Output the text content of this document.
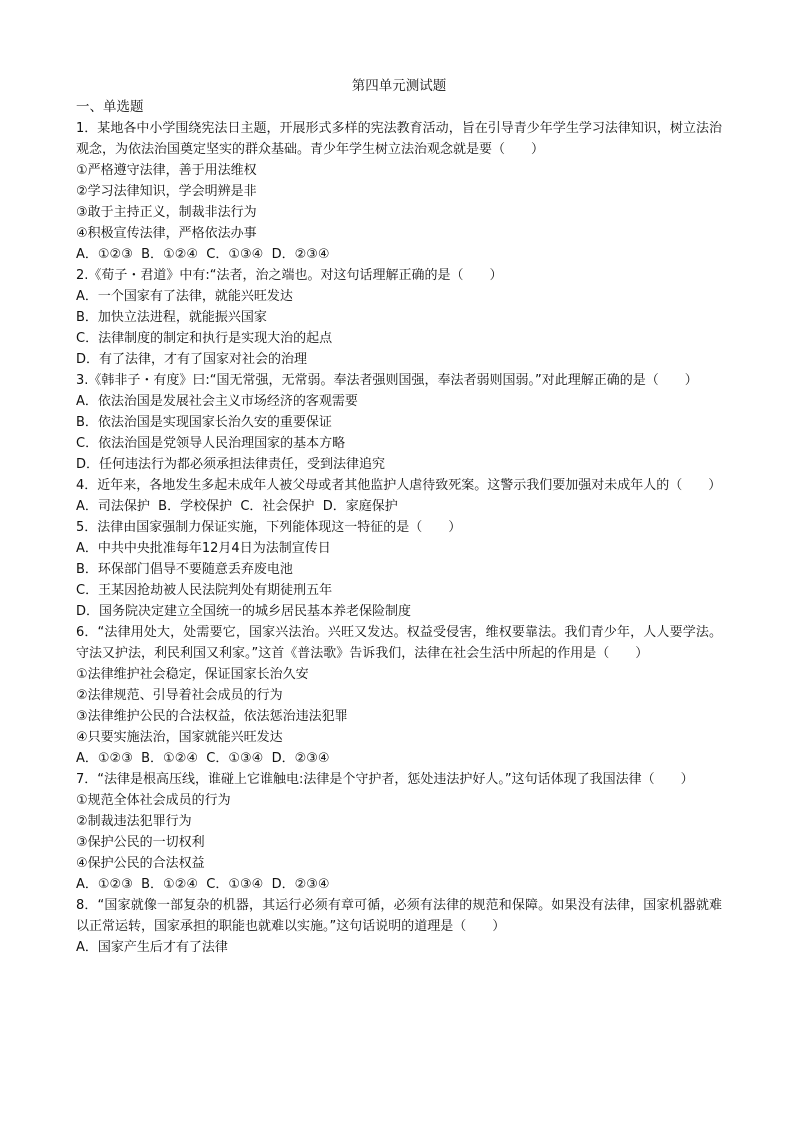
第四单元测试题
一、单选题
1．某地各中小学围绕宪法日主题，开展形式多样的宪法教育活动，旨在引导青少年学生学习法律知识，树立法治观念，为依法治国奠定坚实的群众基础。青少年学生树立法治观念就是要（　　）
①严格遵守法律，善于用法维权
②学习法律知识，学会明辨是非
③敢于主持正义，制裁非法行为
④积极宣传法律，严格依法办事
A．①②③ B．①②④ C．①③④ D．②③④
2.《荀子・君道》中有:“法者，治之端也。对这句话理解正确的是（　　）
A．一个国家有了法律，就能兴旺发达
B．加快立法进程，就能振兴国家
C．法律制度的制定和执行是实现大治的起点
D．有了法律，才有了国家对社会的治理
3.《韩非子・有度》曰:“国无常强，无常弱。奉法者强则国强，奉法者弱则国弱。”对此理解正确的是（　　）
A．依法治国是发展社会主义市场经济的客观需要
B．依法治国是实现国家长治久安的重要保证
C．依法治国是党领导人民治理国家的基本方略
D．任何违法行为都必须承担法律责任，受到法律追究
4．近年来，各地发生多起未成年人被父母或者其他监护人虐待致死案。这警示我们要加强对未成年人的（　　）
A．司法保护 B．学校保护 C．社会保护 D．家庭保护
5．法律由国家强制力保证实施，下列能体现这一特征的是（　　）
A．中共中央批准每年12月4日为法制宣传日
B．环保部门倡导不要随意丢弃废电池
C．王某因抢劫被人民法院判处有期徒刑五年
D．国务院决定建立全国统一的城乡居民基本养老保险制度
6．“法律用处大，处需要它，国家兴法治。兴旺又发达。权益受侵害，维权要靠法。我们青少年，人人要学法。守法又护法，利民利国又利家。”这首《普法歌》告诉我们，法律在社会生活中所起的作用是（　　）
①法律维护社会稳定，保证国家长治久安
②法律规范、引导着社会成员的行为
③法律维护公民的合法权益，依法惩治违法犯罪
④只要实施法治，国家就能兴旺发达
A．①②③ B．①②④ C．①③④ D．②③④
7．“法律是根高压线，谁碰上它谁触电:法律是个守护者，惩处违法护好人。”这句话体现了我国法律（　　）
①规范全体社会成员的行为
②制裁违法犯罪行为
③保护公民的一切权利
④保护公民的合法权益
A．①②③ B．①②④ C．①③④ D．②③④
8．“国家就像一部复杂的机器，其运行必须有章可循，必须有法律的规范和保障。如果没有法律，国家机器就难以正常运转，国家承担的职能也就难以实施。”这句话说明的道理是（　　）
A．国家产生后才有了法律
